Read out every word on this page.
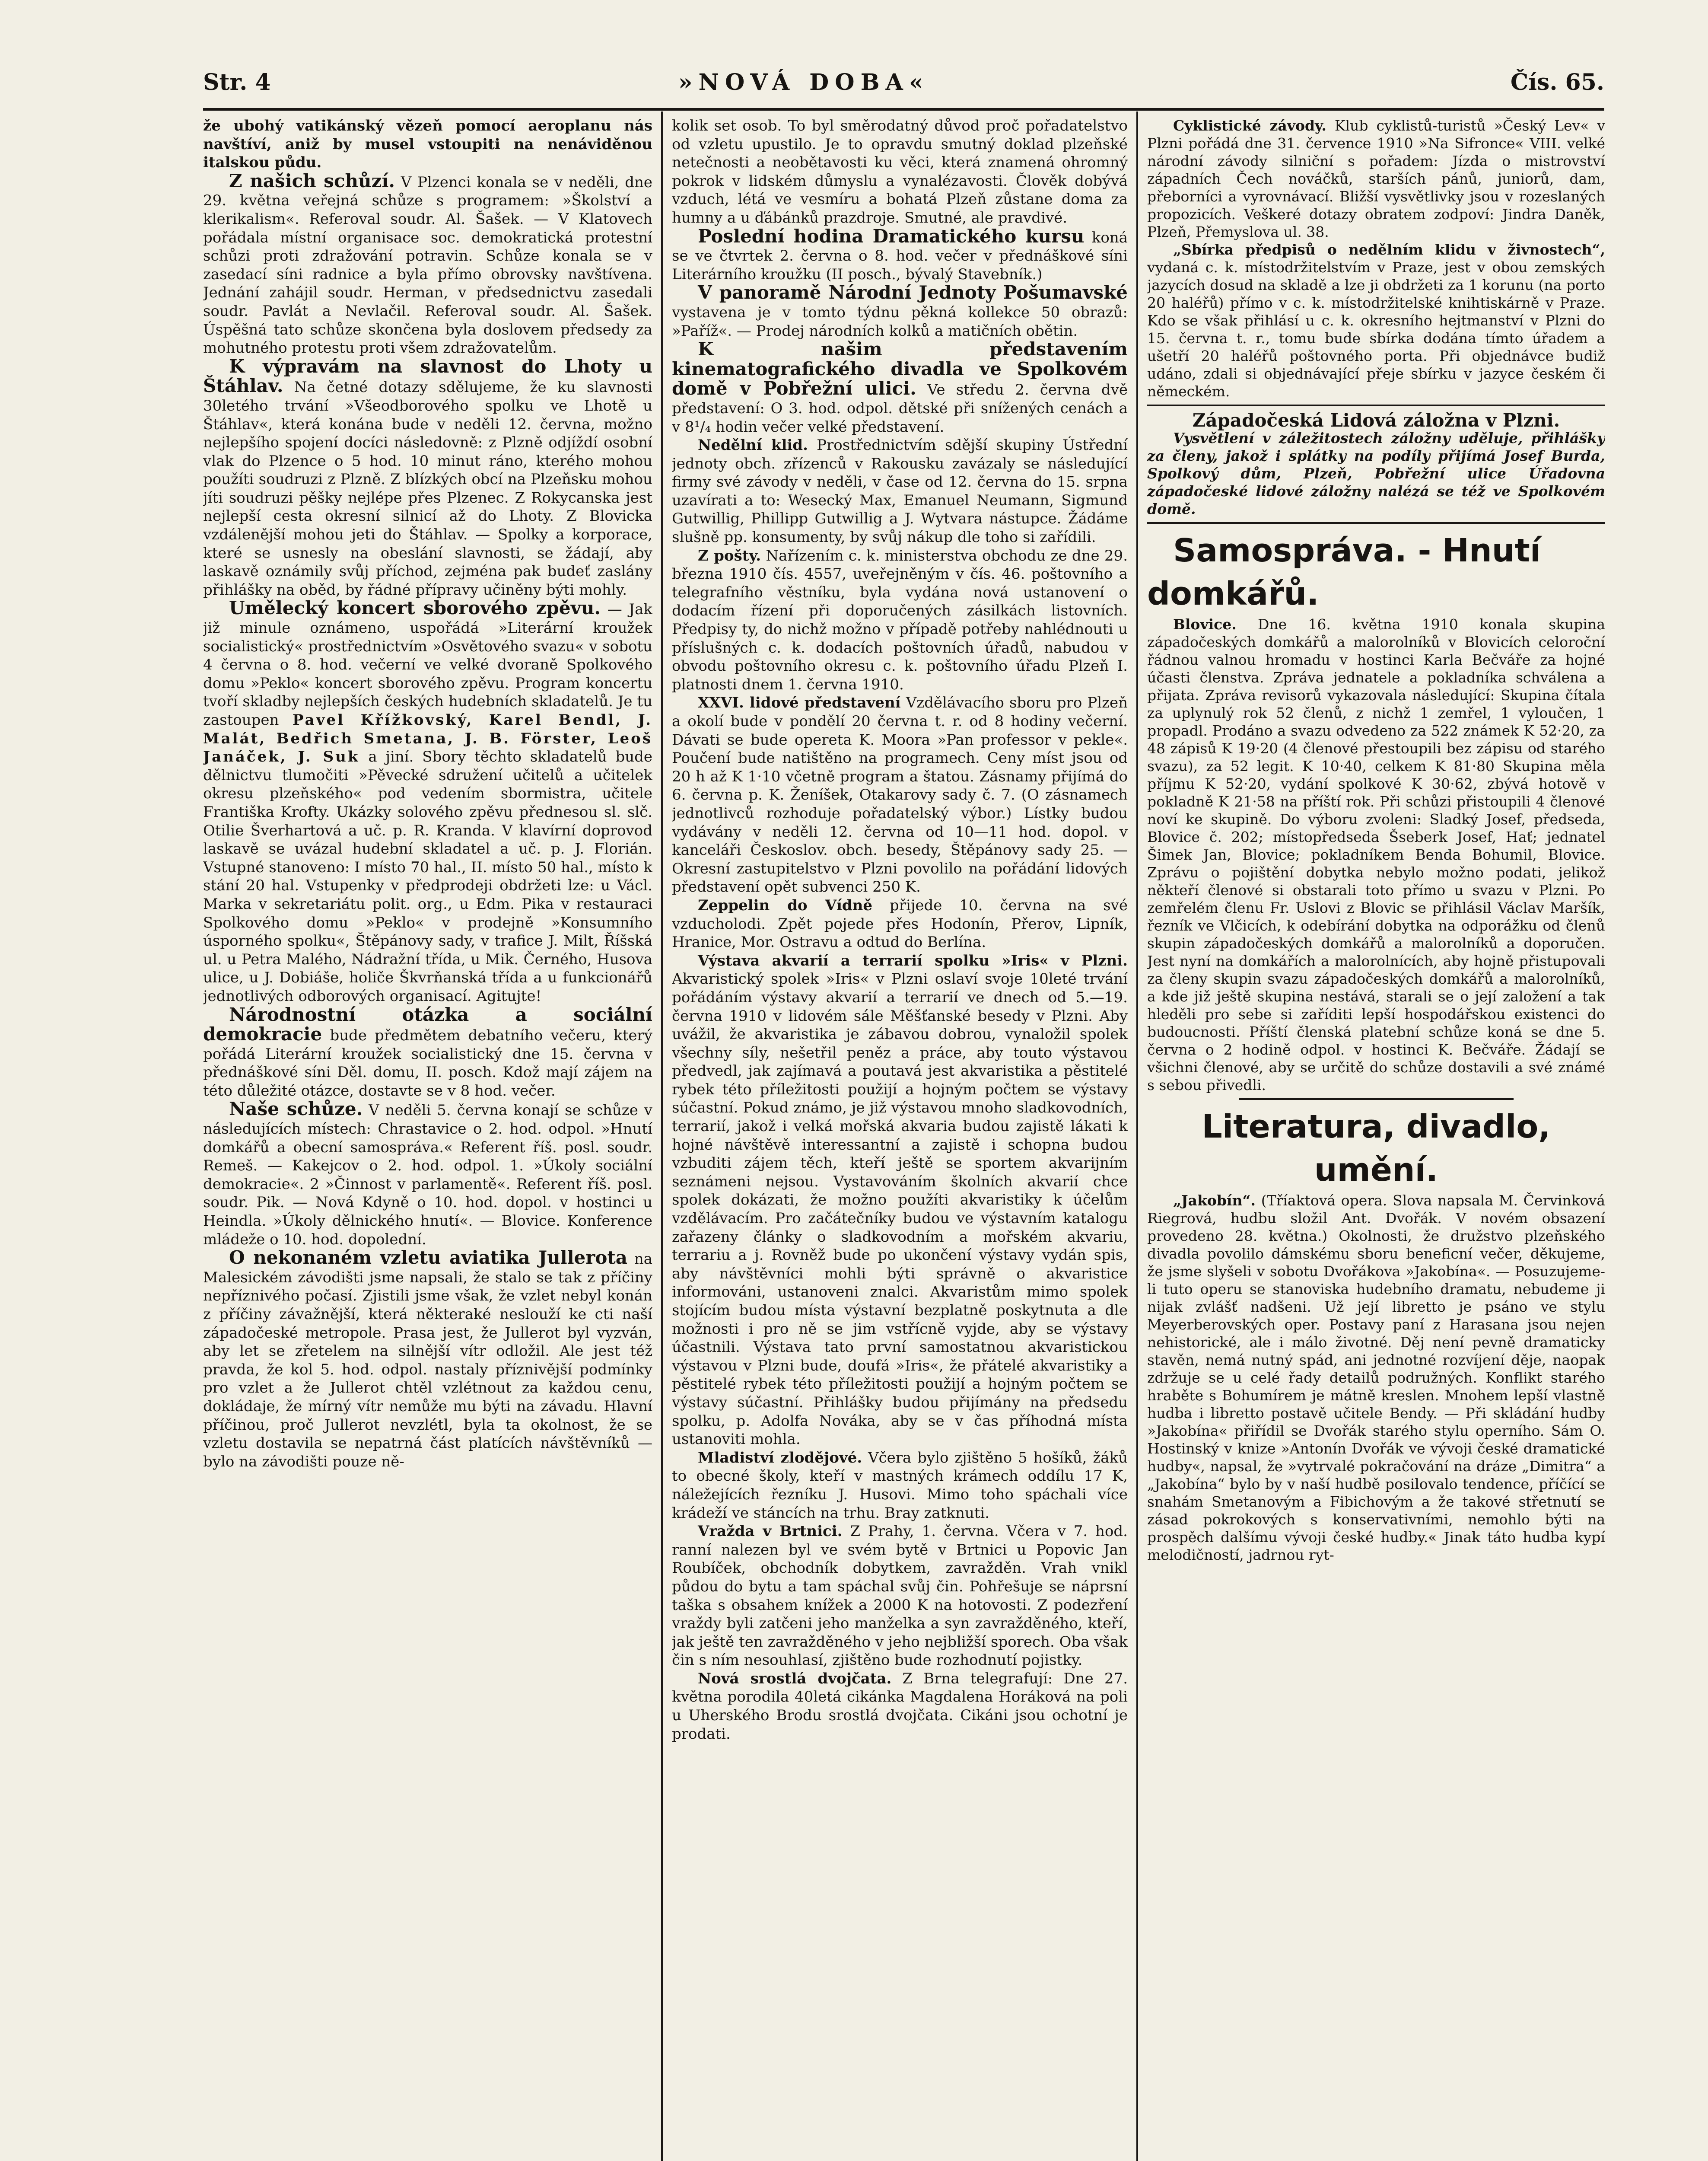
Str. 4	»NOVÁ DOBA«	Čís. 65.

že ubohý vatikánský vězeň pomocí aeroplanu nás navštíví, aniž by musel vstoupiti na nenáviděnou italskou půdu.

Z našich schůzí. V Plzenci konala se v neděli, dne 29. května veřejná schůze s programem: »Školství a klerikalism«. Referoval soudr. Al. Šašek. — V Klatovech pořádala místní organisace soc. demokratická protestní schůzi proti zdražování potravin. Schůze konala se v zasedací síni radnice a byla přímo obrovsky navštívena. Jednání zahájil soudr. Herman, v předsednictvu zasedali soudr. Pavlát a Nevlačil. Referoval soudr. Al. Šašek. Úspěšná tato schůze skončena byla doslovem předsedy za mohutného protestu proti všem zdražovatelům.

K výpravám na slavnost do Lhoty u Štáhlav. Na četné dotazy sdělujeme, že ku slavnosti 30letého trvání »Všeodborového spolku ve Lhotě u Štáhlav«, která konána bude v neděli 12. června, možno nejlepšího spojení docíci následovně: z Plzně odjíždí osobní vlak do Plzence o 5 hod. 10 minut ráno, kterého mohou použíti soudruzi z Plzně. Z blízkých obcí na Plzeňsku mohou jíti soudruzi pěšky nejlépe přes Plzenec. Z Rokycanska jest nejlepší cesta okresní silnicí až do Lhoty. Z Blovicka vzdálenější mohou jeti do Štáhlav. — Spolky a korporace, které se usnesly na obeslání slavnosti, se žádají, aby laskavě oznámily svůj příchod, zejména pak budeť zaslány přihlášky na oběd, by řádné přípravy učiněny býti mohly.

Umělecký koncert sborového zpěvu. — Jak již minule oznámeno, uspořádá »Literární kroužek socialistický« prostřednictvím »Osvětového svazu« v sobotu 4 června o 8. hod. večerní ve velké dvoraně Spolkového domu »Peklo« koncert sborového zpěvu. Program koncertu tvoří skladby nejlepších českých hudebních skladatelů. Je tu zastoupen Pavel Křížkovský, Karel Bendl, J. Malát, Bedřich Smetana, J. B. Förster, Leoš Janáček, J. Suk a jiní. Sbory těchto skladatelů bude dělnictvu tlumočiti »Pěvecké sdružení učitelů a učitelek okresu plzeňského« pod vedením sbormistra, učitele Františka Krofty. Ukázky solového zpěvu přednesou sl. slč. Otilie Šverhartová a uč. p. R. Kranda. V klavírní doprovod laskavě se uvázal hudební skladatel a uč. p. J. Florián. Vstupné stanoveno: I místo 70 hal., II. místo 50 hal., místo k stání 20 hal. Vstupenky v předprodeji obdržeti lze: u Václ. Marka v sekretariátu polit. org., u Edm. Pika v restauraci Spolkového domu »Peklo« v prodejně »Konsumního úsporného spolku«, Štěpánovy sady, v trafice J. Milt, Říšská ul. u Petra Malého, Nádražní třída, u Mik. Černého, Husova ulice, u J. Dobiáše, holiče Škvrňanská třída a u funkcionářů jednotlivých odborových organisací. Agitujte!

Národnostní otázka a sociální demokracie bude předmětem debatního večeru, který pořádá Literární kroužek socialistický dne 15. června v přednáškové síni Děl. domu, II. posch. Kdož mají zájem na této důležité otázce, dostavte se v 8 hod. večer.

Naše schůze. V neděli 5. června konají se schůze v následujících místech: Chrastavice o 2. hod. odpol. »Hnutí domkářů a obecní samospráva.« Referent říš. posl. soudr. Remeš. — Kakejcov o 2. hod. odpol. 1. »Úkoly sociální demokracie«. 2 »Činnost v parlamentě«. Referent říš. posl. soudr. Pik. — Nová Kdyně o 10. hod. dopol. v hostinci u Heindla. »Úkoly dělnického hnutí«. — Blovice. Konference mládeže o 10. hod. dopolední.

O nekonaném vzletu aviatika Jullerota na Malesickém závodišti jsme napsali, že stalo se tak z příčiny nepříznivého počasí. Zjistili jsme však, že vzlet nebyl konán z příčiny závažnější, která některaké neslouží ke cti naší západočeské metropole. Prasa jest, že Jullerot byl vyzván, aby let se zřetelem na silnější vítr odložil. Ale jest též pravda, že kol 5. hod. odpol. nastaly příznivější podmínky pro vzlet a že Jullerot chtěl vzlétnout za každou cenu, dokládaje, že mírný vítr nemůže mu býti na závadu. Hlavní příčinou, proč Jullerot nevzlétl, byla ta okolnost, že se vzletu dostavila se nepatrná část platících návštěvníků — bylo na závodišti pouze ně-

kolik set osob. To byl směrodatný důvod proč pořadatelstvo od vzletu upustilo. Je to opravdu smutný doklad plzeňské netečnosti a neobětavosti ku věci, která znamená ohromný pokrok v lidském důmyslu a vynalézavosti. Člověk dobývá vzduch, létá ve vesmíru a bohatá Plzeň zůstane doma za humny a u ďábánků prazdroje. Smutné, ale pravdivé.

Poslední hodina Dramatického kursu koná se ve čtvrtek 2. června o 8. hod. večer v přednáškové síni Literárního kroužku (II posch., bývalý Stavebník.)

V panoramě Národní Jednoty Pošumavské vystavena je v tomto týdnu pěkná kollekce 50 obrazů: »Paříž«. — Prodej národních kolků a matičních obětin.

K našim představením kinematografického divadla ve Spolkovém domě v Pobřežní ulici. Ve středu 2. června dvě představení: O 3. hod. odpol. dětské při snížených cenách a v 8¹/₄ hodin večer velké představení.

Nedělní klid. Prostřednictvím sdější skupiny Ústřední jednoty obch. zřízenců v Rakousku zavázaly se následující firmy své závody v neděli, v čase od 12. června do 15. srpna uzavírati a to: Wesecký Max, Emanuel Neumann, Sigmund Gutwillig, Phillipp Gutwillig a J. Wytvara nástupce. Žádáme slušně pp. konsumenty, by svůj nákup dle toho si zařídili.

Z pošty. Nařízením c. k. ministerstva obchodu ze dne 29. března 1910 čís. 4557, uveřejněným v čís. 46. poštovního a telegrafního věstníku, byla vydána nová ustanovení o dodacím řízení při doporučených zásilkách listovních. Předpisy ty, do nichž možno v případě potřeby nahlédnouti u příslušných c. k. dodacích poštovních úřadů, nabudou v obvodu poštovního okresu c. k. poštovního úřadu Plzeň I. platnosti dnem 1. června 1910.

XXVI. lidové představení Vzdělávacího sboru pro Plzeň a okolí bude v pondělí 20 června t. r. od 8 hodiny večerní. Dávati se bude opereta K. Moora »Pan professor v pekle«. Poučení bude natištěno na programech. Ceny míst jsou od 20 h až K 1·10 včetně program a štatou. Zásnamy přijímá do 6. června p. K. Ženíšek, Otakarovy sady č. 7. (O zásnamech jednotlivců rozhoduje pořadatelský výbor.) Lístky budou vydávány v neděli 12. června od 10—11 hod. dopol. v kanceláři Českoslov. obch. besedy, Štěpánovy sady 25. — Okresní zastupitelstvo v Plzni povolilo na pořádání lidových představení opět subvenci 250 K.

Zeppelin do Vídně přijede 10. června na své vzducholodi. Zpět pojede přes Hodonín, Přerov, Lipník, Hranice, Mor. Ostravu a odtud do Berlína.

Výstava akvarií a terrarií spolku »Iris« v Plzni. Akvaristický spolek »Iris« v Plzni oslaví svoje 10leté trvání pořádáním výstavy akvarií a terrarií ve dnech od 5.—19. června 1910 v lidovém sále Měšťanské besedy v Plzni. Aby uvážil, že akvaristika je zábavou dobrou, vynaložil spolek všechny síly, nešetřil peněz a práce, aby touto výstavou předvedl, jak zajímavá a poutavá jest akvaristika a pěstitelé rybek této příležitosti použijí a hojným počtem se výstavy súčastní. Pokud známo, je již výstavou mnoho sladkovodních, terrarií, jakož i velká mořská akvaria budou zajistě lákati k hojné návštěvě interessantní a zajistě i schopna budou vzbuditi zájem těch, kteří ještě se sportem akvarijním seznámeni nejsou. Vystavováním školních akvarií chce spolek dokázati, že možno použíti akvaristiky k účelům vzdělávacím. Pro začátečníky budou ve výstavním katalogu zařazeny články o sladkovodním a mořském akvariu, terrariu a j. Rovněž bude po ukončení výstavy vydán spis, aby návštěvníci mohli býti správně o akvaristice informováni, ustanoveni znalci. Akvaristům mimo spolek stojícím budou místa výstavní bezplatně poskytnuta a dle možnosti i pro ně se jim vstřícně vyjde, aby se výstavy účastnili. Výstava tato první samostatnou akvaristickou výstavou v Plzni bude, doufá »Iris«, že přátelé akvaristiky a pěstitelé rybek této příležitosti použijí a hojným počtem se výstavy súčastní. Přihlášky budou přijímány na předsedu spolku, p. Adolfa Nováka, aby se v čas příhodná místa ustanoviti mohla.

Mladiství zlodějové. Včera bylo zjištěno 5 hošíků, žáků to obecné školy, kteří v mastných krámech oddílu 17 K, náležejících řezníku J. Husovi. Mimo toho spáchali více krádeží ve stáncích na trhu. Bray zatknuti.

Vražda v Brtnici. Z Prahy, 1. června. Včera v 7. hod. ranní nalezen byl ve svém bytě v Brtnici u Popovic Jan Roubíček, obchodník dobytkem, zavražděn. Vrah vnikl půdou do bytu a tam spáchal svůj čin. Pohřešuje se náprsní taška s obsahem knížek a 2000 K na hotovosti. Z podezření vraždy byli zatčeni jeho manželka a syn zavražděného, kteří, jak ještě ten zavražděného v jeho nejbližší sporech. Oba však čin s ním nesouhlasí, zjištěno bude rozhodnutí pojistky.

Nová srostlá dvojčata. Z Brna telegrafují: Dne 27. května porodila 40letá cikánka Magdalena Horáková na poli u Uherského Brodu srostlá dvojčata. Cikáni jsou ochotní je prodati.

Cyklistické závody. Klub cyklistů-turistů »Český Lev« v Plzni pořádá dne 31. července 1910 »Na Sifronce« VIII. velké národní závody silniční s pořadem: Jízda o mistrovství západních Čech nováčků, starších pánů, juniorů, dam, přeborníci a vyrovnávací. Bližší vysvětlivky jsou v rozeslaných propozicích. Veškeré dotazy obratem zodpoví: Jindra Daněk, Plzeň, Přemyslova ul. 38.

„Sbírka předpisů o nedělním klidu v živnostech“, vydaná c. k. místodržitelstvím v Praze, jest v obou zemských jazycích dosud na skladě a lze ji obdržeti za 1 korunu (na porto 20 haléřů) přímo v c. k. místodržitelské knihtiskárně v Praze. Kdo se však přihlásí u c. k. okresního hejtmanství v Plzni do 15. června t. r., tomu bude sbírka dodána tímto úřadem a ušetří 20 haléřů poštovného porta. Při objednávce budiž udáno, zdali si objednávající přeje sbírku v jazyce českém či německém.

Západočeská Lidová záložna v Plzni.

Vysvětlení v záležitostech záložny uděluje, přihlášky za členy, jakož i splátky na podíly přijímá Josef Burda, Spolkový dům, Plzeň, Pobřežní ulice Úřadovna západočeské lidové záložny nalézá se též ve Spolkovém domě.

Samospráva. - Hnutí domkářů.

Blovice. Dne 16. května 1910 konala skupina západočeských domkářů a malorolníků v Blovicích celoroční řádnou valnou hromadu v hostinci Karla Bečváře za hojné účasti členstva. Zpráva jednatele a pokladníka schválena a přijata. Zpráva revisorů vykazovala následující: Skupina čítala za uplynulý rok 52 členů, z nichž 1 zemřel, 1 vyloučen, 1 propadl. Prodáno a svazu odvedeno za 522 známek K 52·20, za 48 zápisů K 19·20 (4 členové přestoupili bez zápisu od starého svazu), za 52 legit. K 10·40, celkem K 81·80 Skupina měla příjmu K 52·20, vydání spolkové K 30·62, zbývá hotově v pokladně K 21·58 na příští rok. Při schůzi přistoupili 4 členové noví ke skupině. Do výboru zvoleni: Sladký Josef, předseda, Blovice č. 202; místopředseda Šseberk Josef, Hať; jednatel Šimek Jan, Blovice; pokladníkem Benda Bohumil, Blovice. Zprávu o pojištění dobytka nebylo možno podati, jelikož někteří členové si obstarali toto přímo u svazu v Plzni. Po zemřelém členu Fr. Uslovi z Blovic se přihlásil Václav Maršík, řezník ve Vlčicích, k odebírání dobytka na odporážku od členů skupin západočeských domkářů a malorolníků a doporučen. Jest nyní na domkářích a malorolnících, aby hojně přistupovali za členy skupin svazu západočeských domkářů a malorolníků, a kde již ještě skupina nestává, starali se o její založení a tak hleděli pro sebe si zaříditi lepší hospodářskou existenci do budoucnosti. Příští členská platební schůze koná se dne 5. června o 2 hodině odpol. v hostinci K. Bečváře. Žádají se všichni členové, aby se určitě do schůze dostavili a své známé s sebou přivedli.

Literatura, divadlo, umění.

„Jakobín“. (Tříaktová opera. Slova napsala M. Červinková Riegrová, hudbu složil Ant. Dvořák. V novém obsazení provedeno 28. května.) Okolnosti, že družstvo plzeňského divadla povolilo dámskému sboru beneficní večer, děkujeme, že jsme slyšeli v sobotu Dvořákova »Jakobína«. — Posuzujeme-li tuto operu se stanoviska hudebního dramatu, nebudeme ji nijak zvlášť nadšeni. Už její libretto je psáno ve stylu Meyerberovských oper. Postavy paní z Harasana jsou nejen nehistorické, ale i málo životné. Děj není pevně dramaticky stavěn, nemá nutný spád, ani jednotné rozvíjení děje, naopak zdržuje se u celé řady detailů podružných. Konflikt starého hraběte s Bohumírem je mátně kreslen. Mnohem lepší vlastně hudba i libretto postavě učitele Bendy. — Při skládání hudby »Jakobína« přiřídil se Dvořák starého stylu operního. Sám O. Hostinský v knize »Antonín Dvořák ve vývoji české dramatické hudby«, napsal, že »vytrvalé pokračování na dráze „Dimitra“ a „Jakobína“ bylo by v naší hudbě posilovalo tendence, příčící se snahám Smetanovým a Fibichovým a že takové střetnutí se zásad pokrokových s konservativními, nemohlo býti na prospěch dalšímu vývoji české hudby.« Jinak táto hudba kypí melodičností, jadrnou ryt-
